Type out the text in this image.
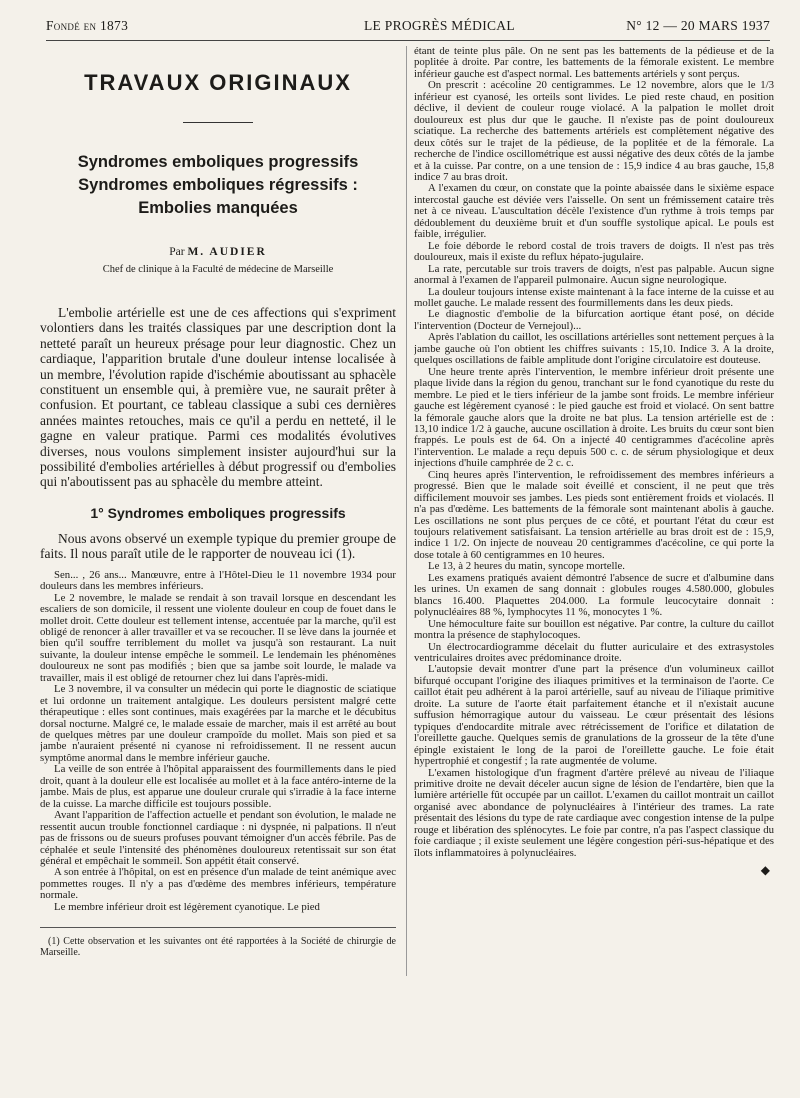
Fondé en 1873	LE PROGRÈS MÉDICAL	N° 12 — 20 MARS 1937
TRAVAUX ORIGINAUX
Syndromes emboliques progressifs
Syndromes emboliques régressifs :
Embolies manquées
Par M. AUDIER
Chef de clinique à la Faculté de médecine de Marseille

L'embolie artérielle est une de ces affections qui s'expriment volontiers dans les traités classiques par une description dont la netteté paraît un heureux présage pour leur diagnostic. Chez un cardiaque, l'apparition brutale d'une douleur intense localisée à un membre, l'évolution rapide d'ischémie aboutissant au sphacèle constituent un ensemble qui, à première vue, ne saurait prêter à confusion. Et pourtant, ce tableau classique a subi ces dernières années maintes retouches, mais ce qu'il a perdu en netteté, il le gagne en valeur pratique. Parmi ces modalités évolutives diverses, nous voulons simplement insister aujourd'hui sur la possibilité d'embolies artérielles à début progressif ou d'embolies qui n'aboutissent pas au sphacèle du membre atteint.

1° Syndromes emboliques progressifs

Nous avons observé un exemple typique du premier groupe de faits. Il nous paraît utile de le rapporter de nouveau ici (1).

Sen... , 26 ans... Manœuvre, entre à l'Hôtel-Dieu le 11 novembre 1934 pour douleurs dans les membres inférieurs.

Le 2 novembre, le malade se rendait à son travail lorsque en descendant les escaliers de son domicile, il ressent une violente douleur en coup de fouet dans le mollet droit. Cette douleur est tellement intense, accentuée par la marche, qu'il est obligé de renoncer à aller travailler et va se recoucher. Il se lève dans la journée et bien qu'il souffre terriblement du mollet va jusqu'à son restaurant. La nuit suivante, la douleur intense empêche le sommeil. Le lendemain les phénomènes douloureux ne sont pas modifiés ; bien que sa jambe soit lourde, le malade va travailler, mais il est obligé de retourner chez lui dans l'après-midi.

Le 3 novembre, il va consulter un médecin qui porte le diagnostic de sciatique et lui ordonne un traitement antalgique. Les douleurs persistent malgré cette thérapeutique : elles sont continues, mais exagérées par la marche et le décubitus dorsal nocturne. Malgré ce, le malade essaie de marcher, mais il est arrêté au bout de quelques mètres par une douleur crampoïde du mollet. Mais son pied et sa jambe n'auraient présenté ni cyanose ni refroidissement. Il ne ressent aucun symptôme anormal dans le membre inférieur gauche.

La veille de son entrée à l'hôpital apparaissent des fourmillements dans le pied droit, quant à la douleur elle est localisée au mollet et à la face antéro-interne de la jambe. Mais de plus, est apparue une douleur crurale qui s'irradie à la face interne de la cuisse. La marche difficile est toujours possible.

Avant l'apparition de l'affection actuelle et pendant son évolution, le malade ne ressentit aucun trouble fonctionnel cardiaque : ni dyspnée, ni palpations. Il n'eut pas de frissons ou de sueurs profuses pouvant témoigner d'un accès fébrile. Pas de céphalée et seule l'intensité des phénomènes douloureux retentissait sur son état général et empêchait le sommeil. Son appétit était conservé.

A son entrée à l'hôpital, on est en présence d'un malade de teint anémique avec pommettes rouges. Il n'y a pas d'œdème des membres inférieurs, température normale.

Le membre inférieur droit est légèrement cyanotique. Le pied

(1) Cette observation et les suivantes ont été rapportées à la Société de chirurgie de Marseille.

étant de teinte plus pâle. On ne sent pas les battements de la pédieuse et de la poplitée à droite. Par contre, les battements de la fémorale existent. Le membre inférieur gauche est d'aspect normal. Les battements artériels y sont perçus.

On prescrit : acécoline 20 centigrammes. Le 12 novembre, alors que le 1/3 inférieur est cyanosé, les orteils sont livides. Le pied reste chaud, en position déclive, il devient de couleur rouge violacé. A la palpation le mollet droit douloureux est plus dur que le gauche. Il n'existe pas de point douloureux sciatique. La recherche des battements artériels est complètement négative des deux côtés sur le trajet de la pédieuse, de la poplitée et de la fémorale. La recherche de l'indice oscillométrique est aussi négative des deux côtés de la jambe et à la cuisse. Par contre, on a une tension de : 15,9 indice 4 au bras gauche, 15,8 indice 7 au bras droit.

A l'examen du cœur, on constate que la pointe abaissée dans le sixième espace intercostal gauche est déviée vers l'aisselle. On sent un frémissement cataire très net à ce niveau. L'auscultation décèle l'existence d'un rythme à trois temps par dédoublement du deuxième bruit et d'un souffle systolique apical. Le pouls est faible, irrégulier.

Le foie déborde le rebord costal de trois travers de doigts. Il n'est pas très douloureux, mais il existe du reflux hépato-jugulaire.

La rate, percutable sur trois travers de doigts, n'est pas palpable. Aucun signe anormal à l'examen de l'appareil pulmonaire. Aucun signe neurologique.

La douleur toujours intense existe maintenant à la face interne de la cuisse et au mollet gauche. Le malade ressent des fourmillements dans les deux pieds.

Le diagnostic d'embolie de la bifurcation aortique étant posé, on décide l'intervention (Docteur de Vernejoul)...

Après l'ablation du caillot, les oscillations artérielles sont nettement perçues à la jambe gauche où l'on obtient les chiffres suivants : 15,10. Indice 3. A la droite, quelques oscillations de faible amplitude dont l'origine circulatoire est douteuse.

Une heure trente après l'intervention, le membre inférieur droit présente une plaque livide dans la région du genou, tranchant sur le fond cyanotique du reste du membre. Le pied et le tiers inférieur de la jambe sont froids. Le membre inférieur gauche est légèrement cyanosé : le pied gauche est froid et violacé. On sent battre la fémorale gauche alors que la droite ne bat plus. La tension artérielle est de : 13,10 indice 1/2 à gauche, aucune oscillation à droite. Les bruits du cœur sont bien frappés. Le pouls est de 64. On a injecté 40 centigrammes d'acécoline après l'intervention. Le malade a reçu depuis 500 c. c. de sérum physiologique et deux injections d'huile camphrée de 2 c. c.

Cinq heures après l'intervention, le refroidissement des membres inférieurs a progressé. Bien que le malade soit éveillé et conscient, il ne peut que très difficilement mouvoir ses jambes. Les pieds sont entièrement froids et violacés. Il n'a pas d'œdème. Les battements de la fémorale sont maintenant abolis à gauche. Les oscillations ne sont plus perçues de ce côté, et pourtant l'état du cœur est toujours relativement satisfaisant. La tension artérielle au bras droit est de : 15,9, indice 1 1/2. On injecte de nouveau 20 centigrammes d'acécoline, ce qui porte la dose totale à 60 centigrammes en 10 heures.

Le 13, à 2 heures du matin, syncope mortelle.

Les examens pratiqués avaient démontré l'absence de sucre et d'albumine dans les urines. Un examen de sang donnait : globules rouges 4.580.000, globules blancs 16.400. Plaquettes 204.000. La formule leucocytaire donnait : polynucléaires 88 %, lymphocytes 11 %, monocytes 1 %.

Une hémoculture faite sur bouillon est négative. Par contre, la culture du caillot montra la présence de staphylocoques.

Un électrocardiogramme décelait du flutter auriculaire et des extrasystoles ventriculaires droites avec prédominance droite.

L'autopsie devait montrer d'une part la présence d'un volumineux caillot bifurqué occupant l'origine des iliaques primitives et la terminaison de l'aorte. Ce caillot était peu adhérent à la paroi artérielle, sauf au niveau de l'iliaque primitive droite. La suture de l'aorte était parfaitement étanche et il n'existait aucune suffusion hémorragique autour du vaisseau. Le cœur présentait des lésions typiques d'endocardite mitrale avec rétrécissement de l'orifice et dilatation de l'oreillette gauche. Quelques semis de granulations de la grosseur de la tête d'une épingle existaient le long de la paroi de l'oreillette gauche. Le foie était hypertrophié et congestif ; la rate augmentée de volume.

L'examen histologique d'un fragment d'artère prélevé au niveau de l'iliaque primitive droite ne devait déceler aucun signe de lésion de l'endartère, bien que la lumière artérielle fût occupée par un caillot. L'examen du caillot montrait un caillot organisé avec abondance de polynucléaires à l'intérieur des trames. La rate présentait des lésions du type de rate cardiaque avec congestion intense de la pulpe rouge et libération des splénocytes. Le foie par contre, n'a pas l'aspect classique du foie cardiaque ; il existe seulement une légère congestion péri-sus-hépatique et des îlots inflammatoires à polynucléaires.

◆
